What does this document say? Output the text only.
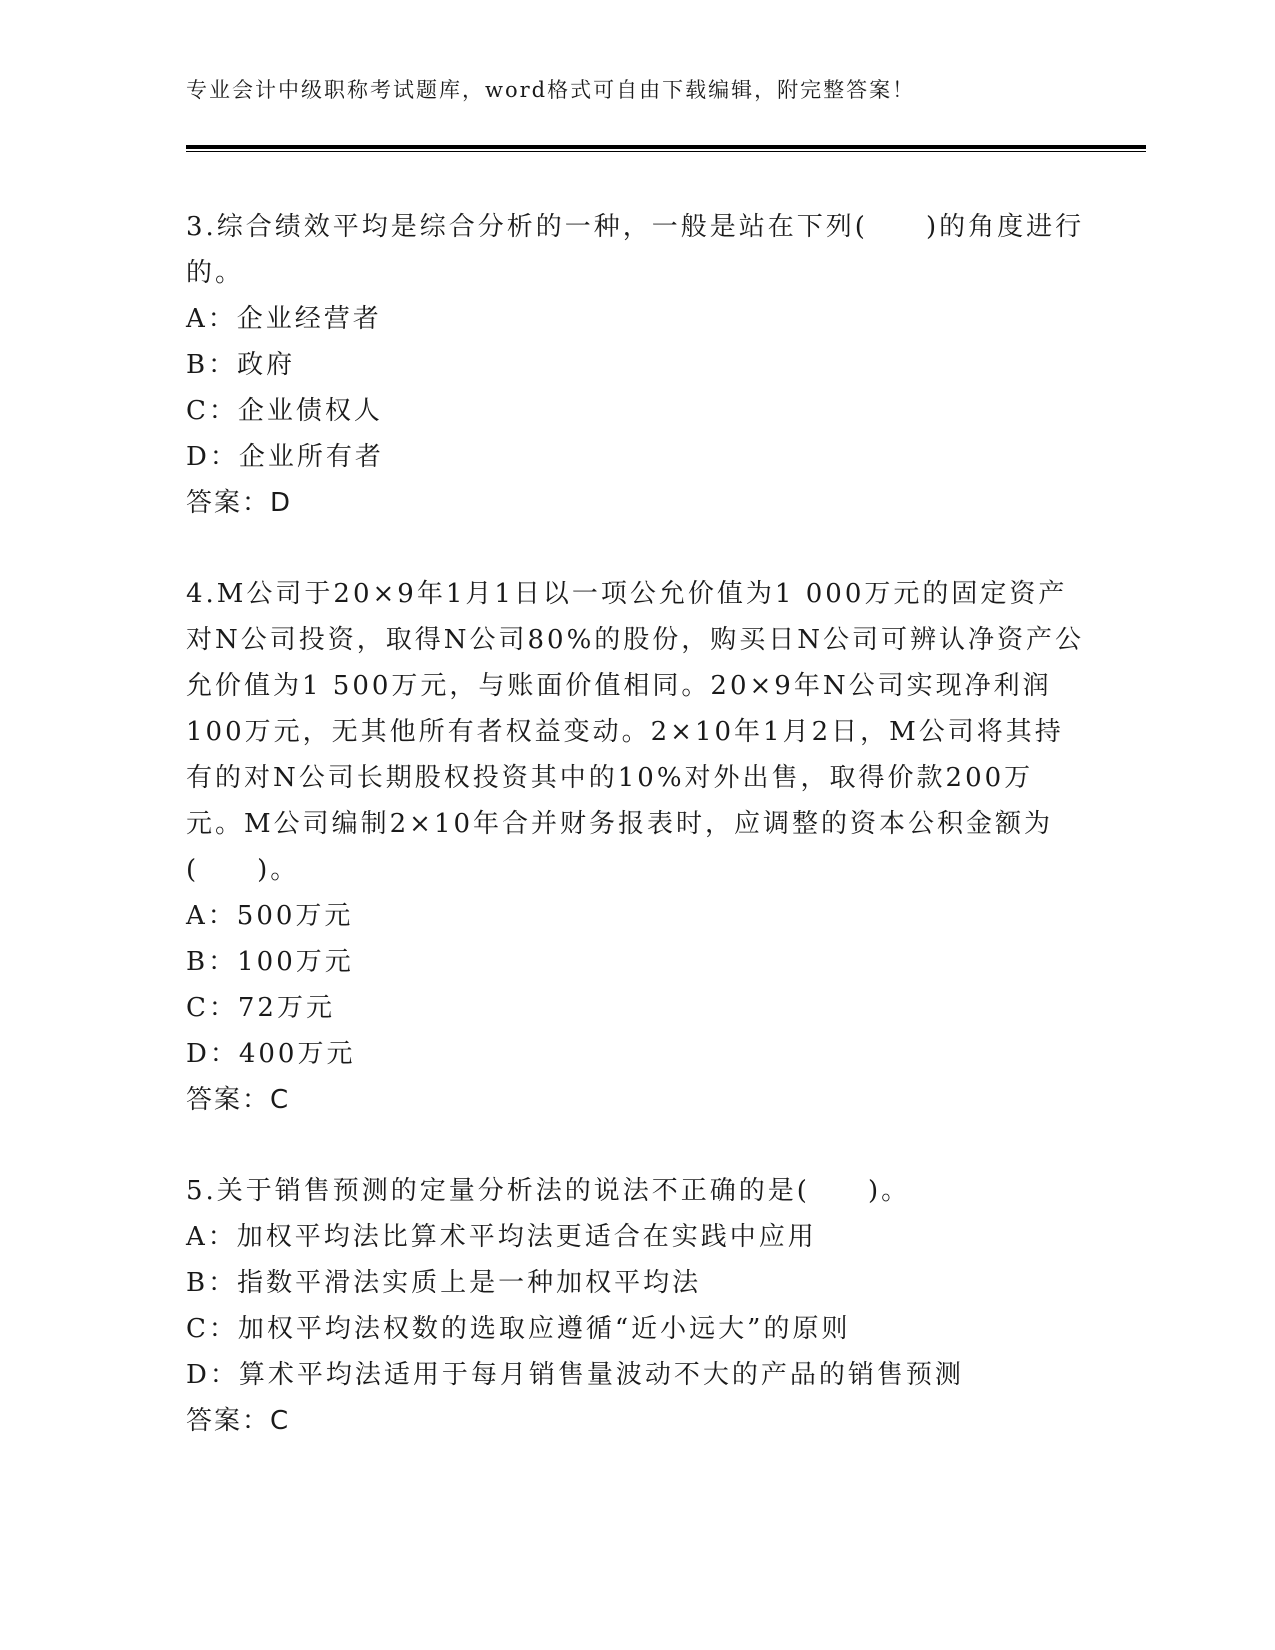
专业会计中级职称考试题库，word格式可自由下载编辑，附完整答案！

3.综合绩效平均是综合分析的一种，一般是站在下列(　　)的角度进行的。

A：企业经营者
B：政府
C：企业债权人
D：企业所有者
答案：D

4.M公司于20×9年1月1日以一项公允价值为1 000万元的固定资产对N公司投资，取得N公司80%的股份，购买日N公司可辨认净资产公允价值为1 500万元，与账面价值相同。20×9年N公司实现净利润100万元，无其他所有者权益变动。2×10年1月2日，M公司将其持有的对N公司长期股权投资其中的10%对外出售，取得价款200万元。M公司编制2×10年合并财务报表时，应调整的资本公积金额为(　　)。

A：500万元
B：100万元
C：72万元
D：400万元
答案：C

5.关于销售预测的定量分析法的说法不正确的是(　　)。

A：加权平均法比算术平均法更适合在实践中应用
B：指数平滑法实质上是一种加权平均法
C：加权平均法权数的选取应遵循“近小远大”的原则
D：算术平均法适用于每月销售量波动不大的产品的销售预测
答案：C
